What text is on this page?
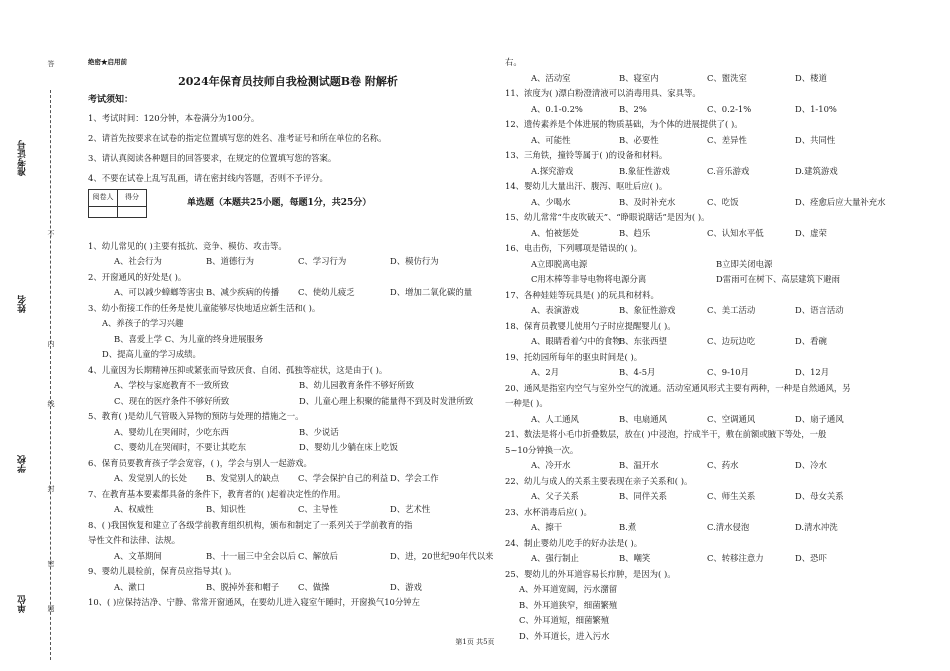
准考证号
姓名
学校
单位
答
不
内
线
封
密
题
绝密★启用前
2024年保育员技师自我检测试题B卷 附解析
考试须知：
1、考试时间：120分钟，本卷满分为100分。
2、请首先按要求在试卷的指定位置填写您的姓名、准考证号和所在单位的名称。
3、请认真阅读各种题目的回答要求，在规定的位置填写您的答案。
4、不要在试卷上乱写乱画，请在密封线内答题，否则不予评分。
阅卷人	得分

单选题（本题共25小题，每题1分，共25分）
1、幼儿常见的( )主要有抵抗、竞争、模仿、攻击等。
A、社会行为	B、道德行为	C、学习行为	D、模仿行为
2、开窗通风的好处是( )。
A、可以减少蟑螂等害虫 B、减少疾病的传播 C、使幼儿疲乏	D、增加二氧化碳的量
3、幼小衔接工作的任务是使儿童能够尽快地适应新生活和( )。
A、养孩子的学习兴趣
B、喜爱上学 C、为儿童的终身进展服务
D、提高儿童的学习成绩。
4、儿童因为长期精神压抑或紧张而导致厌食、自闭、孤独等症状，这是由于( )。
A、学校与家庭教育不一致所致	B、幼儿园教育条件不够好所致
C、现在的医疗条件不够好所致	D、儿童心理上积聚的能量得不到及时发泄所致
5、教育( )是幼儿气管吸入异物的预防与处理的措施之一。
A、婴幼儿在哭闹时，少吃东西	B、少说话
C、婴幼儿在哭闹时，不要让其吃东	D、婴幼儿少躺在床上吃饭
6、保育员要教育孩子学会宽容，( )，学会与别人一起游戏。
A、发觉别人的长处 B、发觉别人的缺点 C、学会保护自己的利益 D、学会工作
7、在教育基本要素都具备的条件下，教育者的( )起着决定性的作用。
A、权威性	B、知识性	C、主导性	D、艺术性
8、( )我国恢复和建立了各级学前教育组织机构，颁布和制定了一系列关于学前教育的指
导性文件和法律、法规。
A、文革期间	B、十一届三中全会以后 C、解放后	D、进，20世纪90年代以来
9、婴幼儿晨检前，保育员应指导其( )。
A、漱口	B、脱掉外套和帽子 C、做操	D、游戏
10、( )应保持洁净、宁静、常常开窗通风，在要幼儿进入寝室午睡时，开窗换气10分钟左
右。
A、活动室	B、寝室内	C、盥洗室	D、楼道
11、浓度为( )漂白粉澄清液可以消毒用具、家具等。
A、0.1-0.2%	B、2%	C、0.2-1%	D、1-10%
12、遗传素养是个体进展的物质基础，为个体的进展提供了( )。
A、可能性	B、必要性	C、差异性	D、共同性
13、三角铁，撞铃等属于( )的设备和材料。
A.探究游戏	B.象征性游戏	C.音乐游戏	D.建筑游戏
14、婴幼儿大量出汗、腹泻、呕吐后应( )。
A、少喝水	B、及时补充水	C、吃饭	D、痊愈后应大量补充水
15、幼儿常常“牛皮吹破天”、“睁眼说瞎话”是因为( )。
A、怕被惩处	B、趋乐	C、认知水平低	D、虚荣
16、电击伤，下列哪项是错误的( )。
A立即脱离电源	B立即关闭电源
C用木棒等非导电物将电源分离	D雷雨可在树下、高层建筑下避雨
17、各种娃娃等玩具是( )的玩具和材料。
A、表演游戏	B、象征性游戏	C、美工活动	D、语言活动
18、保育员教婴儿使用勺子时应提醒婴儿( )。
A、眼睛看着勺中的食物B、东张西望	C、边玩边吃	D、看碗
19、托幼园所每年的驱虫时间是( )。
A、2月	B、4-5月	C、9-10月	D、12月
20、通风是指室内空气与室外空气的流通。活动室通风形式主要有两种，一种是自然通风，另
一种是( )。
A、人工通风	B、电扇通风	C、空调通风	D、扇子通风
21、数法是将小毛巾折叠数层，放在( )中浸泡，拧成半干，敷在前额或腋下等处，一般
5~10分钟换一次。
A、冷开水	B、温开水	C、药水	D、冷水
22、幼儿与成人的关系主要表现在亲子关系和( )。
A、父子关系	B、同伴关系	C、师生关系	D、母女关系
23、水杯消毒后应( )。
A、擦干	B.煮	C.清水侵泡	D.清水冲洗
24、制止婴幼儿吃手的好办法是( )。
A、强行制止	B、嘲笑	C、转移注意力	D、恐吓
25、婴幼儿的外耳道容易长疖肿，是因为( )。
A、外耳道宽阔，污水潴留
B、外耳道狭窄，细菌繁殖
C、外耳道短，细菌繁殖
D、外耳道长，进入污水
第1页 共5页
